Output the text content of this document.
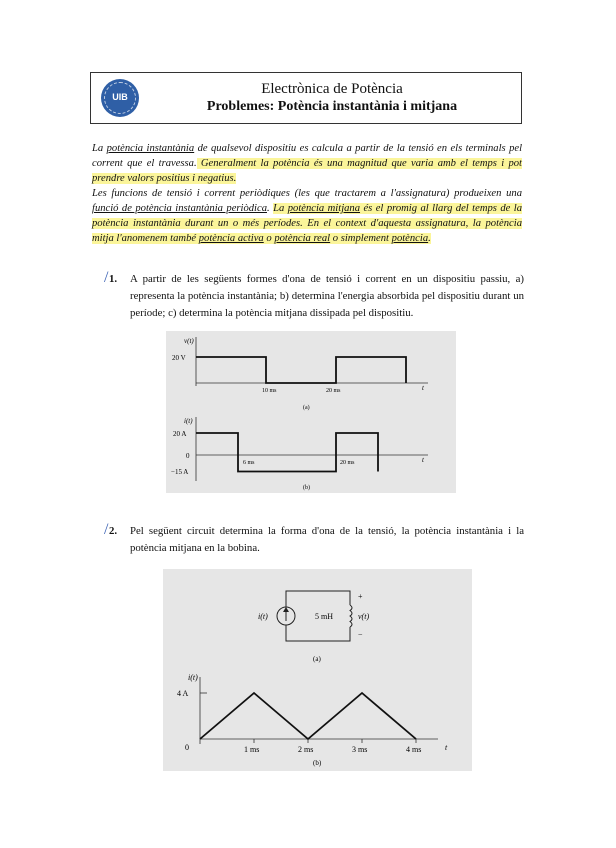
UIB	Electrònica de Potència
Problemes: Potència instantània i mitjana
La potència instantània de qualsevol dispositiu es calcula a partir de la tensió en els terminals pel corrent que el travessa. Generalment la potència és una magnitud que varia amb el temps i pot prendre valors positius i negatius.
Les funcions de tensió i corrent periòdiques (les que tractarem a l'assignatura) produeixen una funció de potència instantània periòdica. La potència mitjana és el promig al llarg del temps de la potència instantània durant un o més períodes. En el context d'aquesta assignatura, la potència mitja l'anomenem també potència activa o potència real o simplement potència.
/ 1.	A partir de les següents formes d'ona de tensió i corrent en un dispositiu passiu, a) representa la potència instantània; b) determina l'energia absorbida pel dispositiu durant un període; c) determina la potència mitjana dissipada pel dispositiu.
v(t)
20 V
10 ms	20 ms	t
(a)
i(t)
20 A
0
−15 A
6 ms	20 ms	t
(b)
/ 2.	Pel següent circuit determina la forma d'ona de la tensió, la potència instantània i la potència mitjana en la bobina.
i(t)	5 mH
+
v(t)
−
(a)
i(t)
4 A
0	1 ms	2 ms	3 ms	4 ms	t
(b)
